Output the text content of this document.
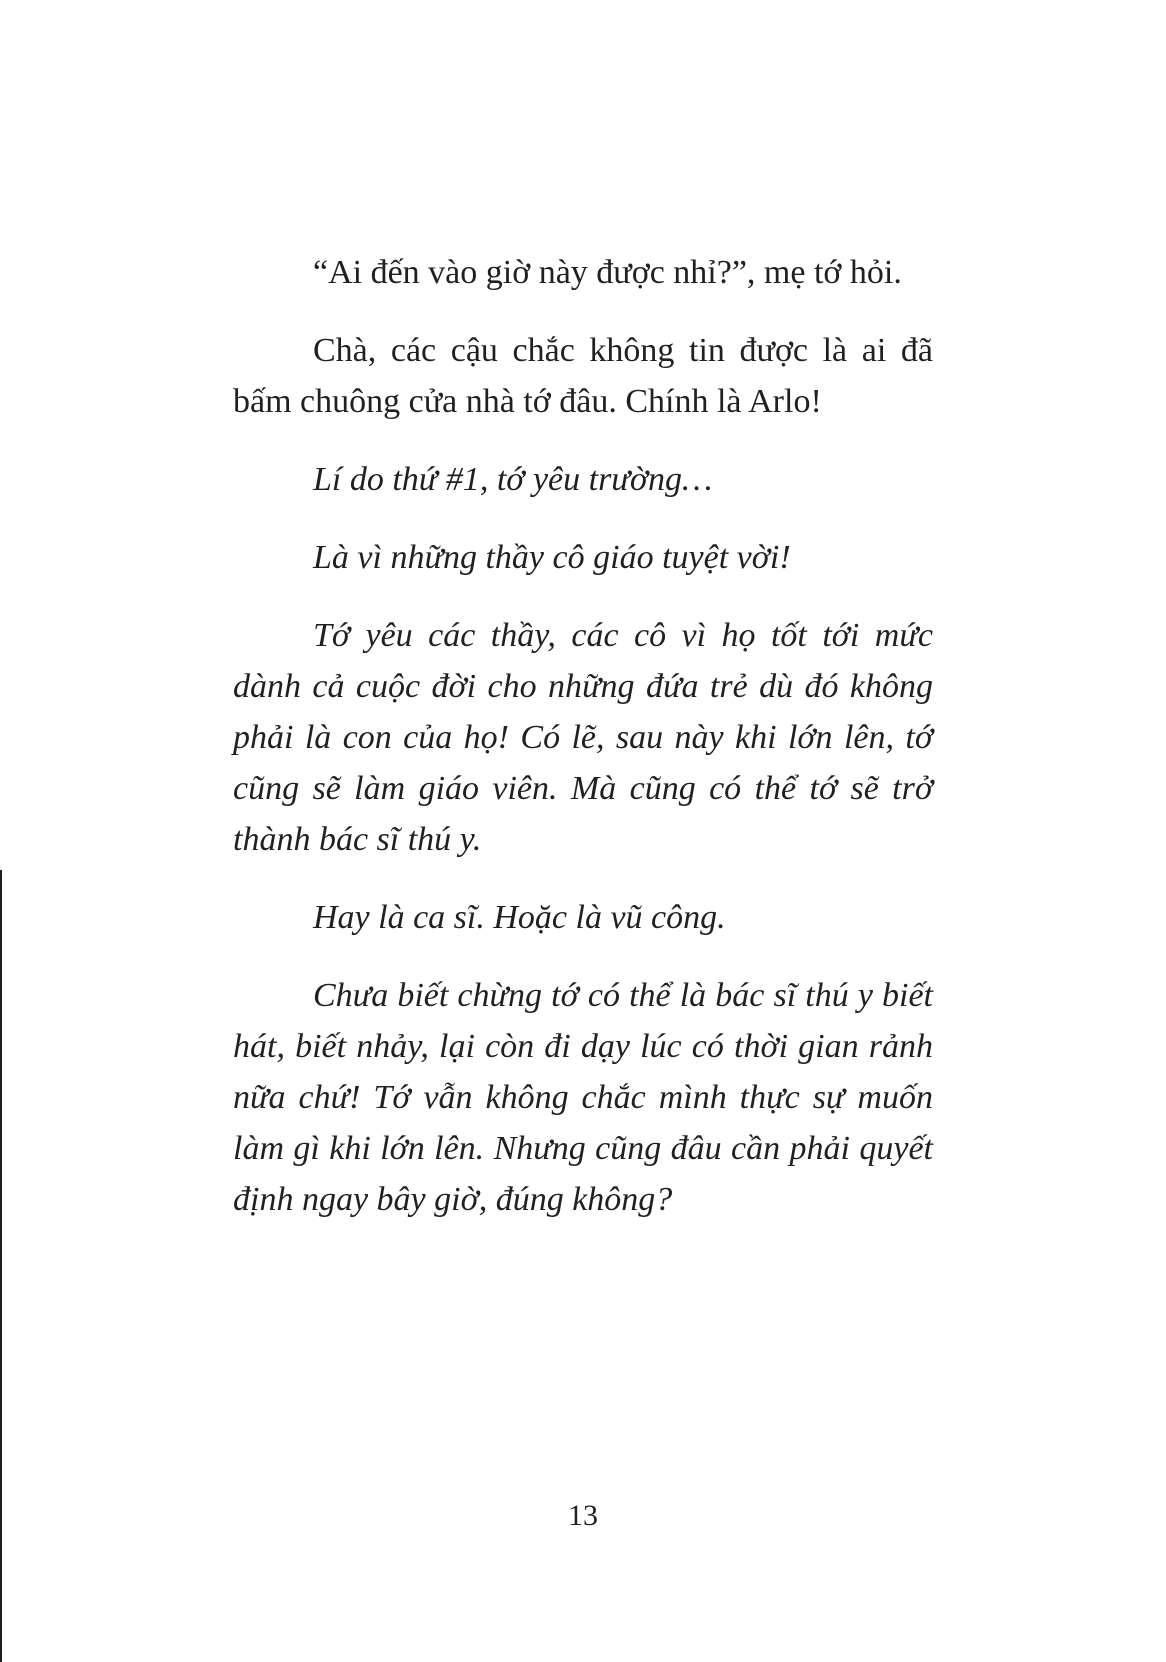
“Ai đến vào giờ này được nhỉ?”, mẹ tớ hỏi.

Chà, các cậu chắc không tin được là ai đã bấm chuông cửa nhà tớ đâu. Chính là Arlo!

Lí do thứ #1, tớ yêu trường…

Là vì những thầy cô giáo tuyệt vời!

Tớ yêu các thầy, các cô vì họ tốt tới mức dành cả cuộc đời cho những đứa trẻ dù đó không phải là con của họ! Có lẽ, sau này khi lớn lên, tớ cũng sẽ làm giáo viên. Mà cũng có thể tớ sẽ trở thành bác sĩ thú y.

Hay là ca sĩ. Hoặc là vũ công.

Chưa biết chừng tớ có thể là bác sĩ thú y biết hát, biết nhảy, lại còn đi dạy lúc có thời gian rảnh nữa chứ! Tớ vẫn không chắc mình thực sự muốn làm gì khi lớn lên. Nhưng cũng đâu cần phải quyết định ngay bây giờ, đúng không?

13
